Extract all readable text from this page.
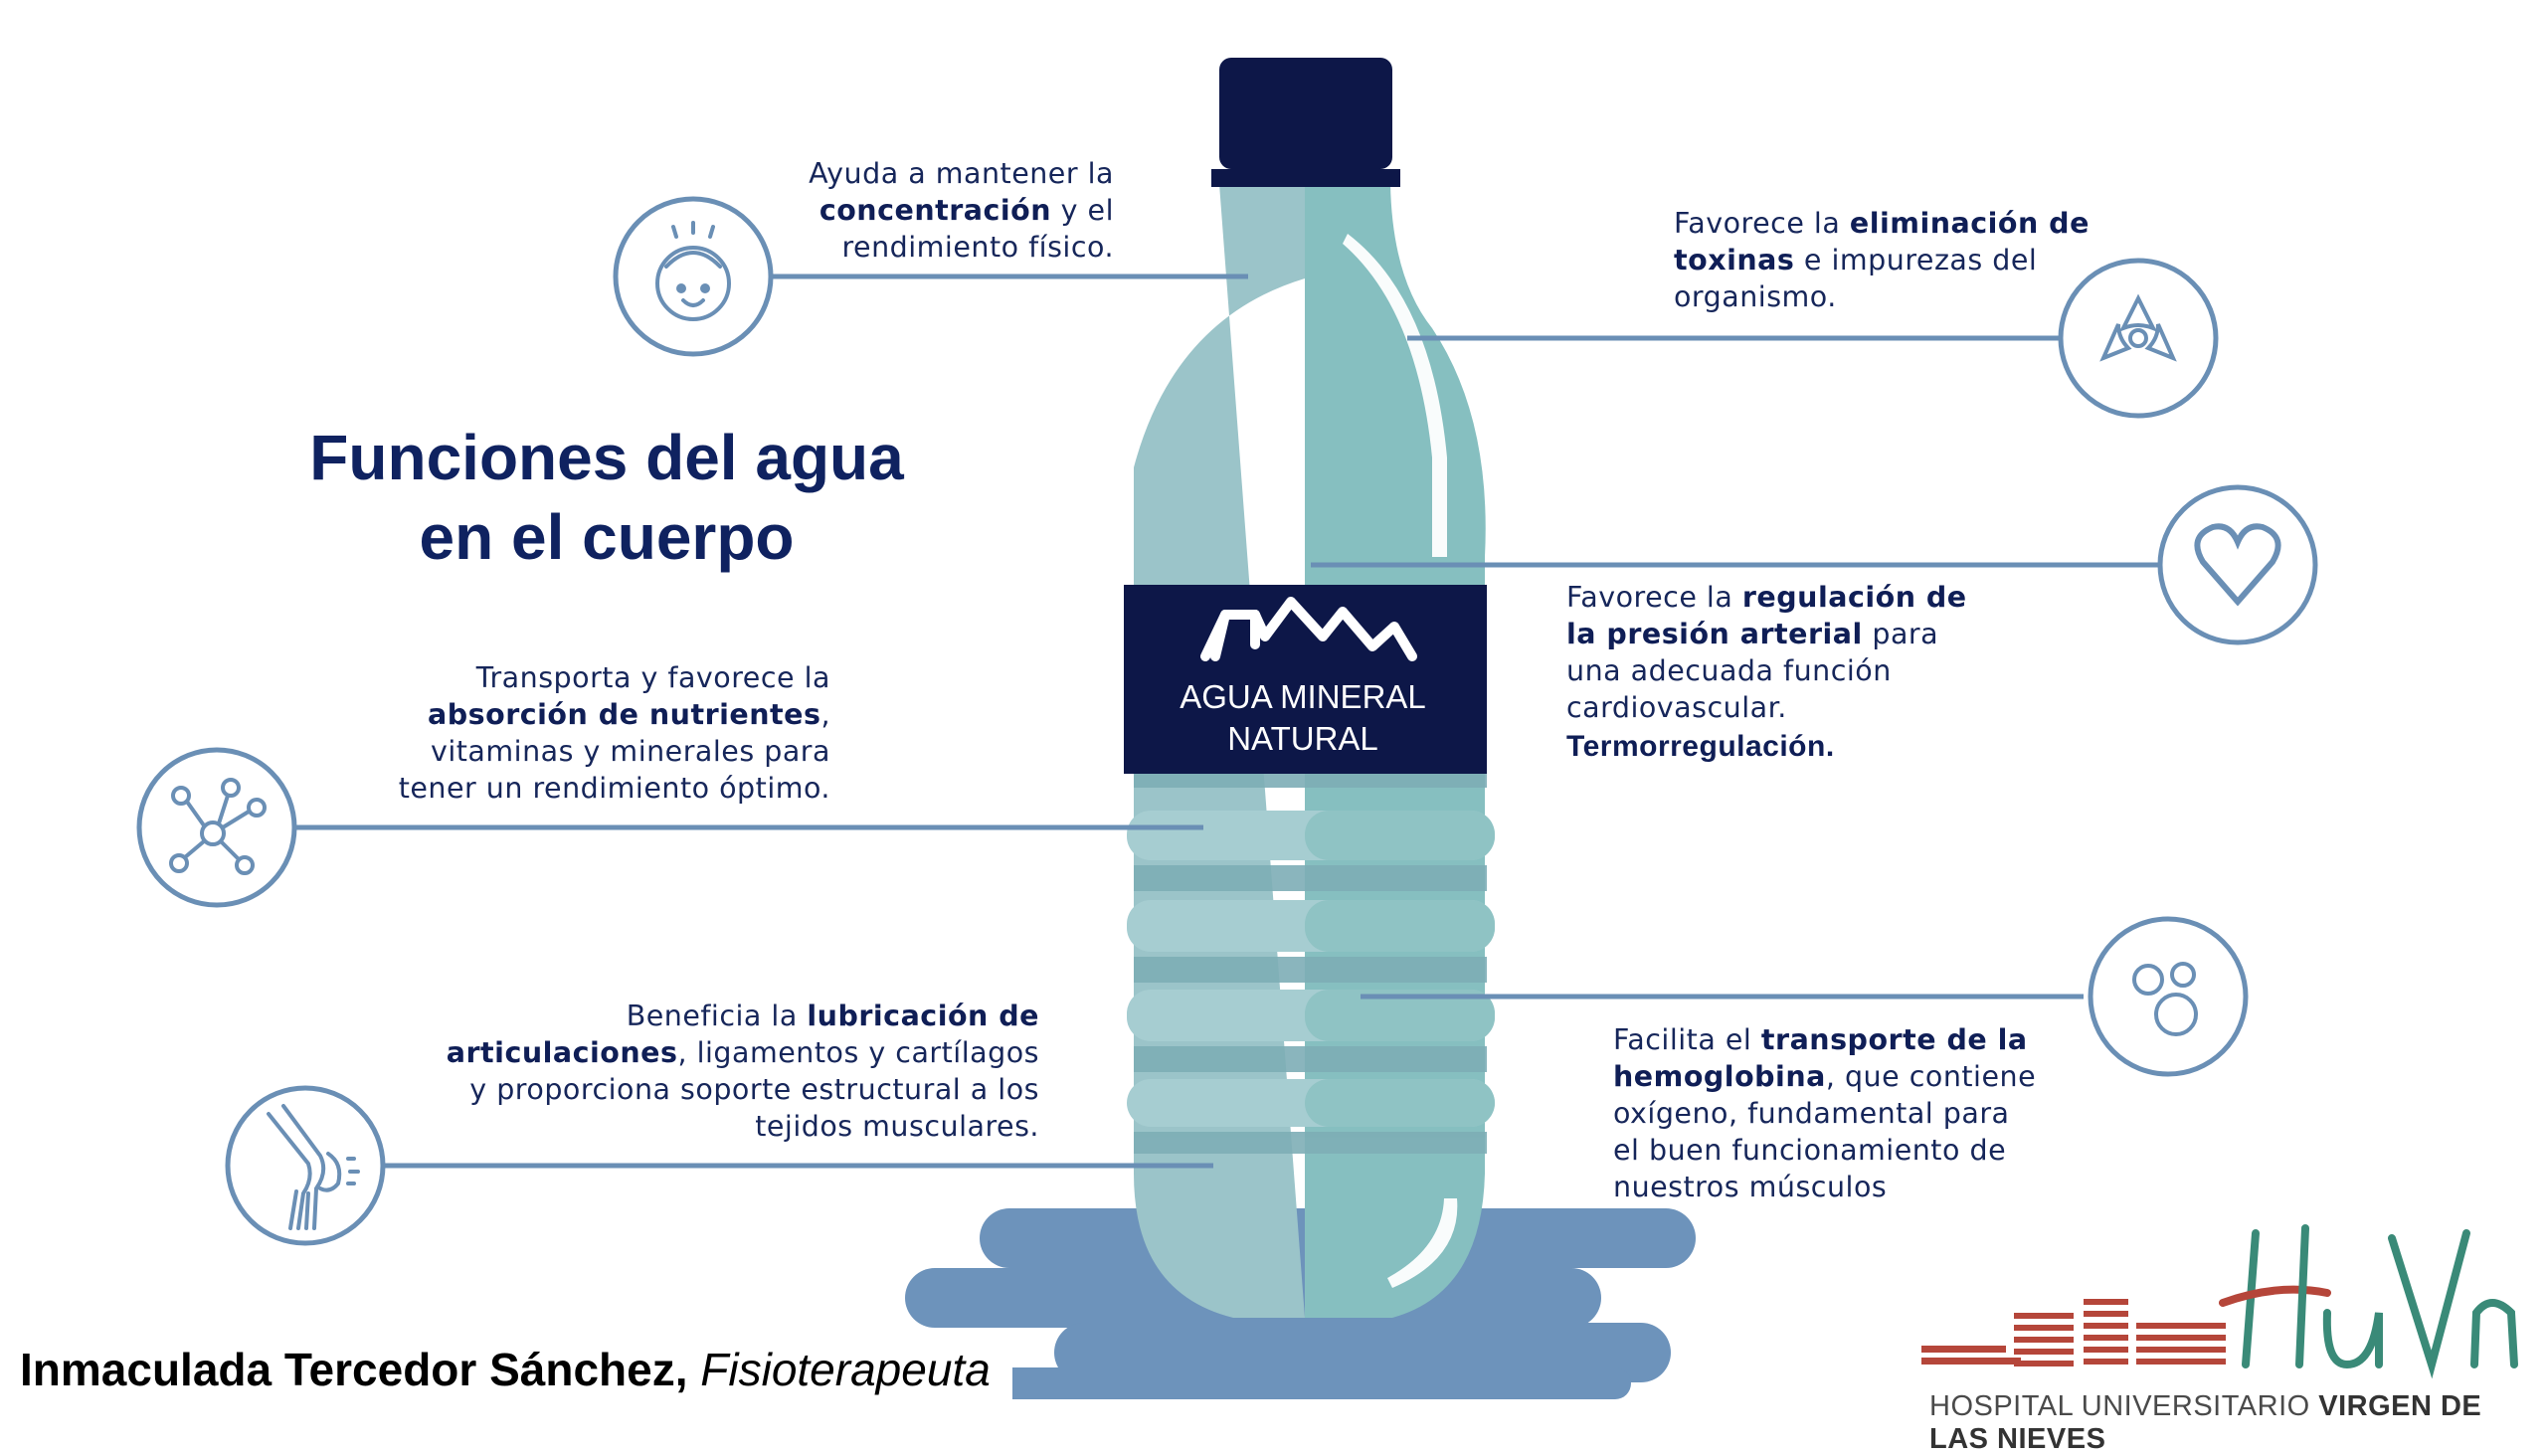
Funciones del agua
en el cuerpo
AGUA MINERAL
NATURAL
Ayuda a mantener la
concentración y el
rendimiento físico.
Favorece la eliminación de
toxinas e impurezas del
organismo.
Transporta y favorece la
absorción de nutrientes,
vitaminas y minerales para
tener un rendimiento óptimo.
Favorece la regulación de
la presión arterial para
una adecuada función
cardiovascular.
Termorregulación.
Beneficia la lubricación de
articulaciones, ligamentos y cartílagos
y proporciona soporte estructural a los
tejidos musculares.
Facilita el transporte de la
hemoglobina, que contiene
oxígeno, fundamental para
el buen funcionamiento de
nuestros músculos
Inmaculada Tercedor Sánchez, Fisioterapeuta
HOSPITAL UNIVERSITARIO VIRGEN DE LAS NIEVES
